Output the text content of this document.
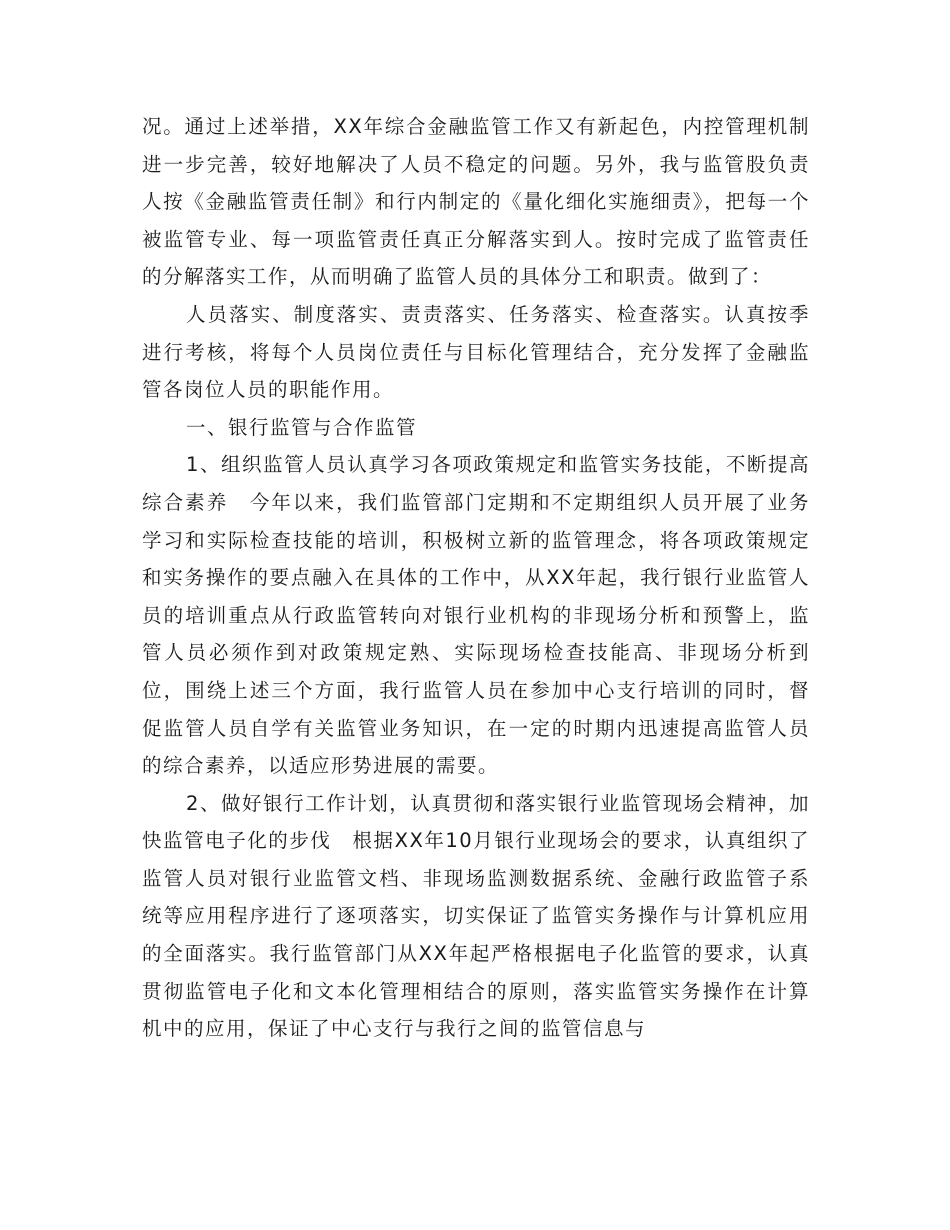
况。通过上述举措，XX年综合金融监管工作又有新起色，内控管理机制进一步完善，较好地解决了人员不稳定的问题。另外，我与监管股负责人按《金融监管责任制》和行内制定的《量化细化实施细责》，把每一个被监管专业、每一项监管责任真正分解落实到人。按时完成了监管责任的分解落实工作，从而明确了监管人员的具体分工和职责。做到了：

人员落实、制度落实、责责落实、任务落实、检查落实。认真按季进行考核，将每个人员岗位责任与目标化管理结合，充分发挥了金融监管各岗位人员的职能作用。

一、银行监管与合作监管

1、组织监管人员认真学习各项政策规定和监管实务技能，不断提高综合素养　今年以来，我们监管部门定期和不定期组织人员开展了业务学习和实际检查技能的培训，积极树立新的监管理念，将各项政策规定和实务操作的要点融入在具体的工作中，从XX年起，我行银行业监管人员的培训重点从行政监管转向对银行业机构的非现场分析和预警上，监管人员必须作到对政策规定熟、实际现场检查技能高、非现场分析到位，围绕上述三个方面，我行监管人员在参加中心支行培训的同时，督促监管人员自学有关监管业务知识，在一定的时期内迅速提高监管人员的综合素养，以适应形势进展的需要。

2、做好银行工作计划，认真贯彻和落实银行业监管现场会精神，加快监管电子化的步伐　根据XX年10月银行业现场会的要求，认真组织了监管人员对银行业监管文档、非现场监测数据系统、金融行政监管子系统等应用程序进行了逐项落实，切实保证了监管实务操作与计算机应用的全面落实。我行监管部门从XX年起严格根据电子化监管的要求，认真贯彻监管电子化和文本化管理相结合的原则，落实监管实务操作在计算机中的应用，保证了中心支行与我行之间的监管信息与
